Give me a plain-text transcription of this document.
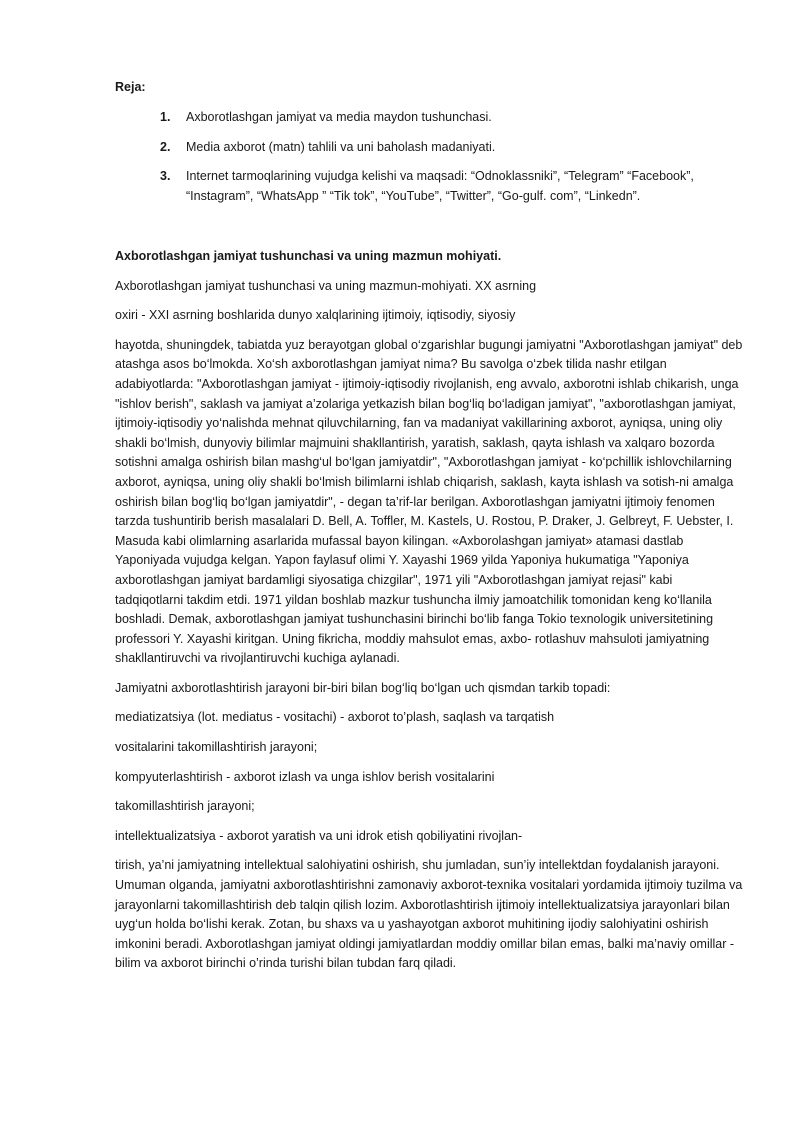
Reja:
1. Axborotlashgan jamiyat va media maydon tushunchasi.
2. Media axborot (matn) tahlili va uni baholash madaniyati.
3. Internet tarmoqlarining vujudga kelishi va maqsadi: “Odnoklassniki”, “Telegram” “Facebook”, “Instagram”, “WhatsApp ” “Tik tok”, “YouTube”, “Twitter”, “Go-gulf. com”, “Linkedn”.
Axborotlashgan jamiyat tushunchasi va uning mazmun mohiyati.

Axborotlashgan jamiyat tushunchasi va uning mazmun-mohiyati. XX asrning

oxiri - XXI asrning boshlarida dunyo xalqlarining ijtimoiy, iqtisodiy, siyosiy

hayotda, shuningdek, tabiatda yuz berayotgan global o‘zgarishlar bugungi jamiyatni "Axborotlashgan jamiyat" deb atashga asos bo‘lmokda. Xo‘sh axborotlashgan jamiyat nima? Bu savolga o‘zbek tilida nashr etilgan adabiyotlarda: "Axborotlashgan jamiyat - ijtimoiy-iqtisodiy rivojlanish, eng avvalo, axborotni ishlab chikarish, unga "ishlov berish", saklash va jamiyat a’zolariga yetkazish bilan bog‘liq bo‘ladigan jamiyat", "axborotlashgan jamiyat, ijtimoiy-iqtisodiy yo‘nalishda mehnat qiluvchilarning, fan va madaniyat vakillarining axborot, ayniqsa, uning oliy shakli bo‘lmish, dunyoviy bilimlar majmuini shakllantirish, yaratish, saklash, qayta ishlash va xalqaro bozorda sotishni amalga oshirish bilan mashg‘ul bo‘lgan jamiyatdir", "Axborotlashgan jamiyat - ko‘pchillik ishlovchilarning axborot, ayniqsa, uning oliy shakli bo‘lmish bilimlarni ishlab chiqarish, saklash, kayta ishlash va sotish-ni amalga oshirish bilan bog‘liq bo‘lgan jamiyatdir", - degan ta’rif-lar berilgan. Axborotlashgan jamiyatni ijtimoiy fenomen tarzda tushuntirib berish masalalari D. Bell, A. Toffler, M. Kastels, U. Rostou, P. Draker, J. Gelbreyt, F. Uebster, I. Masuda kabi olimlarning asarlarida mufassal bayon kilingan. «Axborolashgan jamiyat» atamasi dastlab Yaponiyada vujudga kelgan. Yapon faylasuf olimi Y. Xayashi 1969 yilda Yaponiya hukumatiga "Yaponiya axborotlashgan jamiyat bardamligi siyosatiga chizgilar", 1971 yili "Axborotlashgan jamiyat rejasi" kabi tadqiqotlarni takdim etdi. 1971 yildan boshlab mazkur tushuncha ilmiy jamoatchilik tomonidan keng ko‘llanila boshladi. Demak, axborotlashgan jamiyat tushunchasini birinchi bo‘lib fanga Tokio texnologik universitetining professori Y. Xayashi kiritgan. Uning fikricha, moddiy mahsulot emas, axbo- rotlashuv mahsuloti jamiyatning shakllantiruvchi va rivojlantiruvchi kuchiga aylanadi.

Jamiyatni axborotlashtirish jarayoni bir-biri bilan bog‘liq bo‘lgan uch qismdan tarkib topadi:

mediatizatsiya (lot. mediatus - vositachi) - axborot to’plash, saqlash va tarqatish

vositalarini takomillashtirish jarayoni;

kompyuterlashtirish - axborot izlash va unga ishlov berish vositalarini

takomillashtirish jarayoni;

intellektualizatsiya - axborot yaratish va uni idrok etish qobiliyatini rivojlan-

tirish, ya’ni jamiyatning intellektual salohiyatini oshirish, shu jumladan, sun’iy intellektdan foydalanish jarayoni. Umuman olganda, jamiyatni axborotlashtirishni zamonaviy axborot-texnika vositalari yordamida ijtimoiy tuzilma va jarayonlarni takomillashtirish deb talqin qilish lozim. Axborotlashtirish ijtimoiy intellektualizatsiya jarayonlari bilan uyg‘un holda bo‘lishi kerak. Zotan, bu shaxs va u yashayotgan axborot muhitining ijodiy salohiyatini oshirish imkonini beradi. Axborotlashgan jamiyat oldingi jamiyatlardan moddiy omillar bilan emas, balki ma’naviy omillar - bilim va axborot birinchi o’rinda turishi bilan tubdan farq qiladi.
